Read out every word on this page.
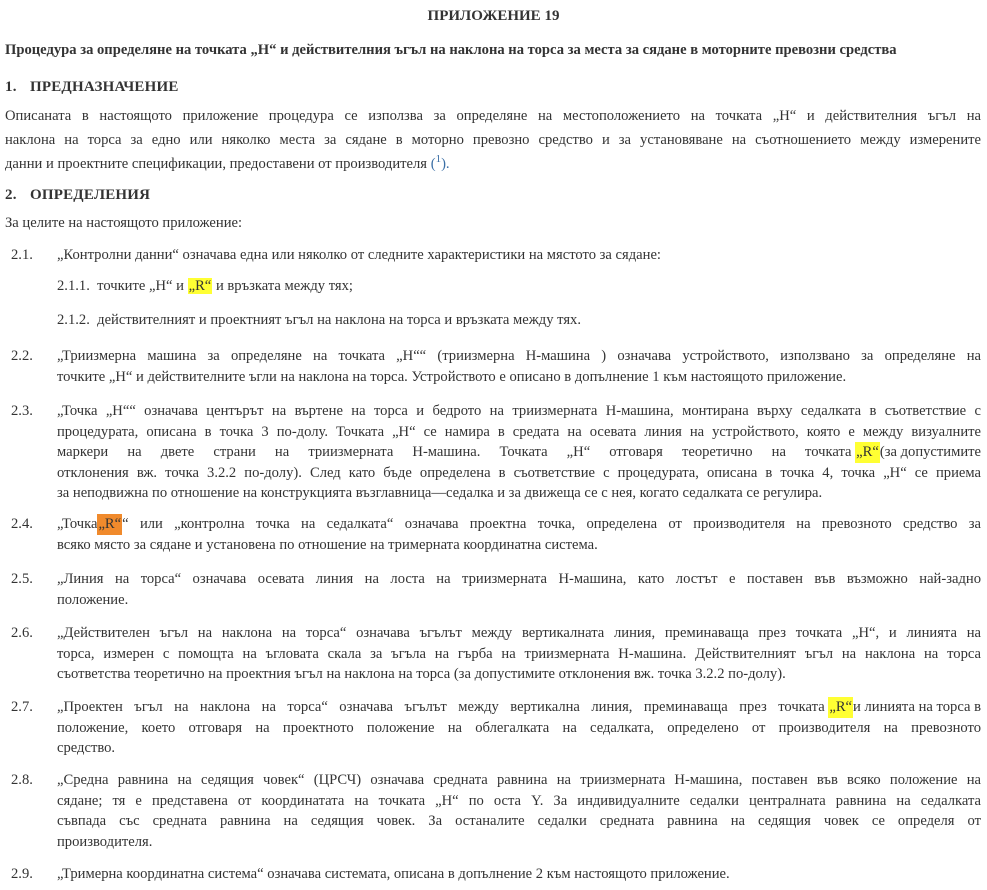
ПРИЛОЖЕНИЕ 19
Процедура за определяне на точката „H“ и действителния ъгъл на наклона на торса за места за сядане в моторните превозни средства
1. ПРЕДНАЗНАЧЕНИЕ
Описаната в настоящото приложение процедура се използва за определяне на местоположението на точката „H“ и действителния ъгъл на
наклона на торса за едно или няколко места за сядане в моторно превозно средство и за установяване на съотношението между измерените
данни и проектните спецификации, предоставени от производителя ($^1$).
2. ОПРЕДЕЛЕНИЯ
За целите на настоящото приложение:
2.1. „Контролни данни“ означава една или няколко от следните характеристики на мястото за сядане:
2.1.1. точките „H“ и „R“ и връзката между тях;
2.1.2. действителният и проектният ъгъл на наклона на торса и връзката между тях.
2.2. „Триизмерна машина за определяне на точката „H““ (триизмерна H-машина ) означава устройството, използвано за определяне на
точките „H“ и действителните ъгли на наклона на торса. Устройството е описано в допълнение 1 към настоящото приложение.
2.3. „Точка „H““ означава центърът на въртене на торса и бедрото на триизмерната H-машина, монтирана върху седалката в съответствие с
процедурата, описана в точка 3 по-долу. Точката „H“ се намира в средата на осевата линия на устройството, която е между визуалните
маркери на двете страни на триизмерната H-машина. Точката „H“ отговаря теоретично на точката
„R“ (за допустимите
отклонения вж. точка 3.2.2 по-долу). След като бъде определена в съответствие с процедурата, описана в точка 4, точка „H“ се приема
за неподвижна по отношение на конструкцията възглавница—седалка и за движеща се с нея, когато седалката се регулира.
2.4. „Точка „R“ “ или „контролна точка на седалката“ означава проектна точка, определена от производителя на превозното средство за
всяко място за сядане и установена по отношение на тримерната координатна система.
2.5. „Линия на торса“ означава осевата линия на лоста на триизмерната H-машина, като лостът е поставен във възможно най-задно
положение.
2.6. „Действителен ъгъл на наклона на торса“ означава ъгълът между вертикалната линия, преминаваща през точката „H“, и линията на
торса, измерен с помощта на ъгловата скала за ъгъла на гърба на триизмерната H-машина. Действителният ъгъл на наклона на торса
съответства теоретично на проектния ъгъл на наклона на торса (за допустимите отклонения вж. точка 3.2.2 по-долу).
2.7. „Проектен ъгъл на наклона на торса“ означава ъгълът между вертикална линия, преминаваща през точката
„R“ и линията на торса в
положение, което отговаря на проектното положение на облегалката на седалката, определено от производителя на превозното
средство.
2.8. „Средна равнина на седящия човек“ (ЦРСЧ) означава средната равнина на триизмерната H-машина, поставен във всяко положение на
сядане; тя е представена от координатата на точката „H“ по оста Y. За индивидуалните седалки централната равнина на седалката
съвпада със средната равнина на седящия човек. За останалите седалки средната равнина на седящия човек се определя от
производителя.
2.9. „Тримерна координатна система“ означава системата, описана в допълнение 2 към настоящото приложение.
